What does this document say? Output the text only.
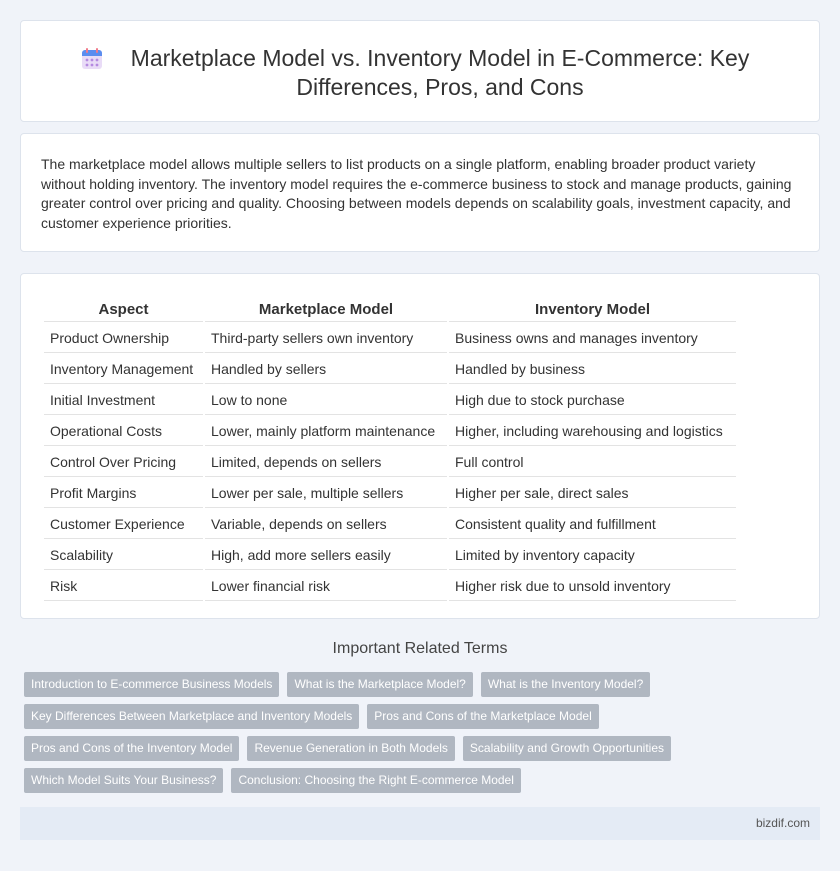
Marketplace Model vs. Inventory Model in E-Commerce: Key Differences, Pros, and Cons

The marketplace model allows multiple sellers to list products on a single platform, enabling broader product variety without holding inventory. The inventory model requires the e-commerce business to stock and manage products, gaining greater control over pricing and quality. Choosing between models depends on scalability goals, investment capacity, and customer experience priorities.

Aspect	Marketplace Model	Inventory Model
Product Ownership	Third-party sellers own inventory	Business owns and manages inventory
Inventory Management	Handled by sellers	Handled by business
Initial Investment	Low to none	High due to stock purchase
Operational Costs	Lower, mainly platform maintenance	Higher, including warehousing and logistics
Control Over Pricing	Limited, depends on sellers	Full control
Profit Margins	Lower per sale, multiple sellers	Higher per sale, direct sales
Customer Experience	Variable, depends on sellers	Consistent quality and fulfillment
Scalability	High, add more sellers easily	Limited by inventory capacity
Risk	Lower financial risk	Higher risk due to unsold inventory
Important Related Terms
Introduction to E-commerce Business Models	What is the Marketplace Model?	What is the Inventory Model?
Key Differences Between Marketplace and Inventory Models	Pros and Cons of the Marketplace Model
Pros and Cons of the Inventory Model	Revenue Generation in Both Models	Scalability and Growth Opportunities
Which Model Suits Your Business?	Conclusion: Choosing the Right E-commerce Model
bizdif.com
